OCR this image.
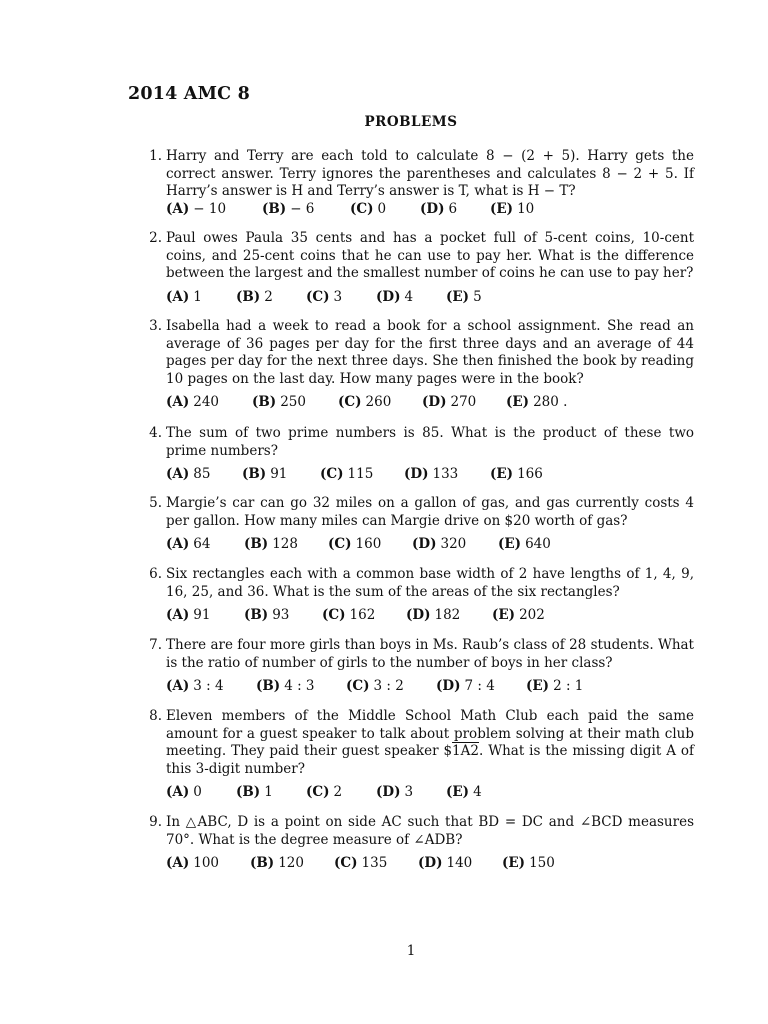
2014 AMC 8
PROBLEMS
1. Harry and Terry are each told to calculate 8 − (2 + 5). Harry gets the correct answer. Terry ignores the parentheses and calculates 8 − 2 + 5. If Harry’s answer is H and Terry’s answer is T, what is H − T?
(A) − 10	(B) − 6	(C) 0	(D) 6 (E) 10
2. Paul owes Paula 35 cents and has a pocket full of 5-cent coins, 10-cent coins, and 25-cent coins that he can use to pay her. What is the difference between the largest and the smallest number of coins he can use to pay her?
(A) 1	(B) 2 (C) 3	(D) 4 (E) 5
3. Isabella had a week to read a book for a school assignment. She read an average of 36 pages per day for the first three days and an average of 44 pages per day for the next three days. She then finished the book by reading 10 pages on the last day. How many pages were in the book?
(A) 240 (B) 250 (C) 260 (D) 270 (E) 280 .
4. The sum of two prime numbers is 85. What is the product of these two prime numbers?
(A) 85 (B) 91 (C) 115 (D) 133 (E) 166
5. Margie’s car can go 32 miles on a gallon of gas, and gas currently costs 4 per gallon. How many miles can Margie drive on $20 worth of gas?
(A) 64 (B) 128 (C) 160 (D) 320 (E) 640
6. Six rectangles each with a common base width of 2 have lengths of 1, 4, 9, 16, 25, and 36. What is the sum of the areas of the six rectangles?
(A) 91 (B) 93 (C) 162 (D) 182 (E) 202
7. There are four more girls than boys in Ms. Raub’s class of 28 students. What is the ratio of number of girls to the number of boys in her class?
(A) 3 : 4 (B) 4 : 3 (C) 3 : 2 (D) 7 : 4 (E) 2 : 1
8. Eleven members of the Middle School Math Club each paid the same amount for a guest speaker to talk about problem solving at their math club meeting. They paid their guest speaker $1A2. What is the missing digit A of this 3-digit number?
(A) 0	(B) 1 (C) 2	(D) 3 (E) 4
9. In △ABC, D is a point on side AC such that BD = DC and ∠BCD measures 70°. What is the degree measure of ∠ADB?
(A) 100 (B) 120 (C) 135 (D) 140 (E) 150
1
